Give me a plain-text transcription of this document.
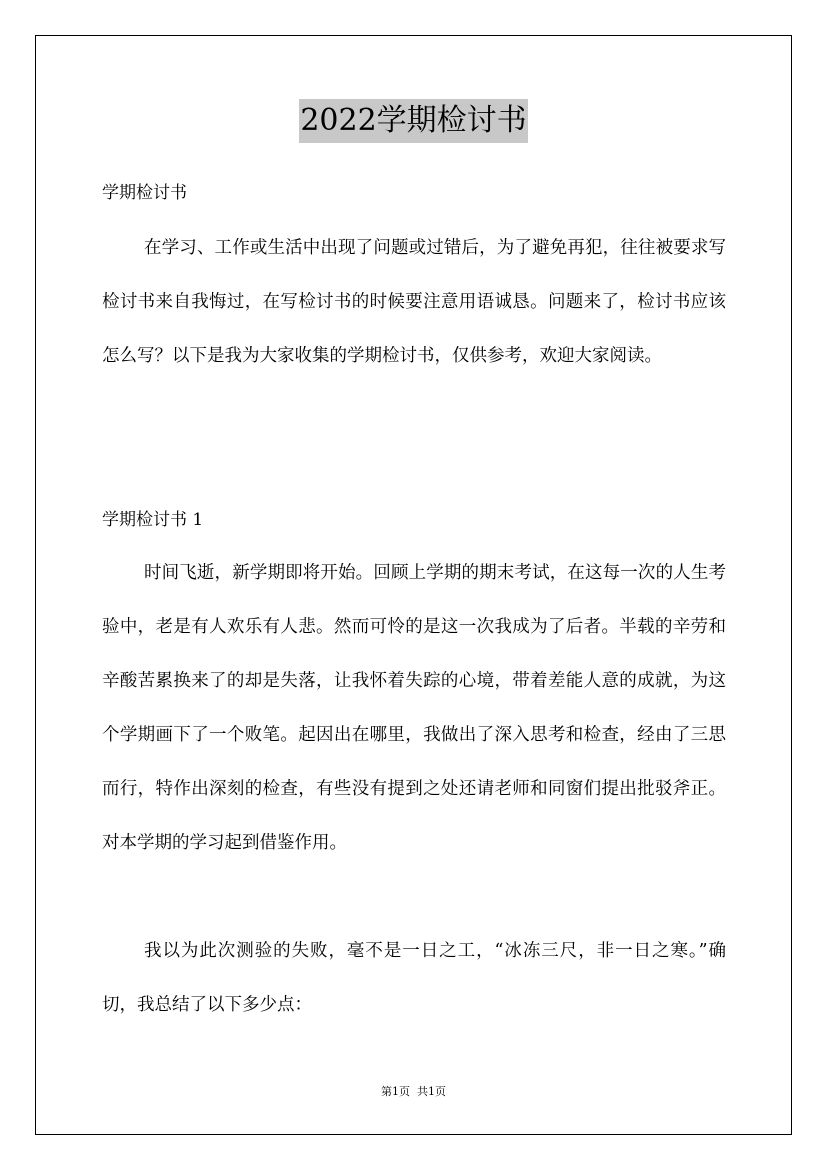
2022学期检讨书
学期检讨书
在学习、工作或生活中出现了问题或过错后，为了避免再犯，往往被要求写检讨书来自我悔过，在写检讨书的时候要注意用语诚恳。问题来了，检讨书应该怎么写？以下是我为大家收集的学期检讨书，仅供参考，欢迎大家阅读。
学期检讨书 1
时间飞逝，新学期即将开始。回顾上学期的期末考试，在这每一次的人生考验中，老是有人欢乐有人悲。然而可怜的是这一次我成为了后者。半载的辛劳和辛酸苦累换来了的却是失落，让我怀着失踪的心境，带着差能人意的成就，为这个学期画下了一个败笔。起因出在哪里，我做出了深入思考和检查，经由了三思而行，特作出深刻的检查，有些没有提到之处还请老师和同窗们提出批驳斧正。对本学期的学习起到借鉴作用。
我以为此次测验的失败，毫不是一日之工，“冰冻三尺，非一日之寒。”确切，我总结了以下多少点：
第1页  共1页
